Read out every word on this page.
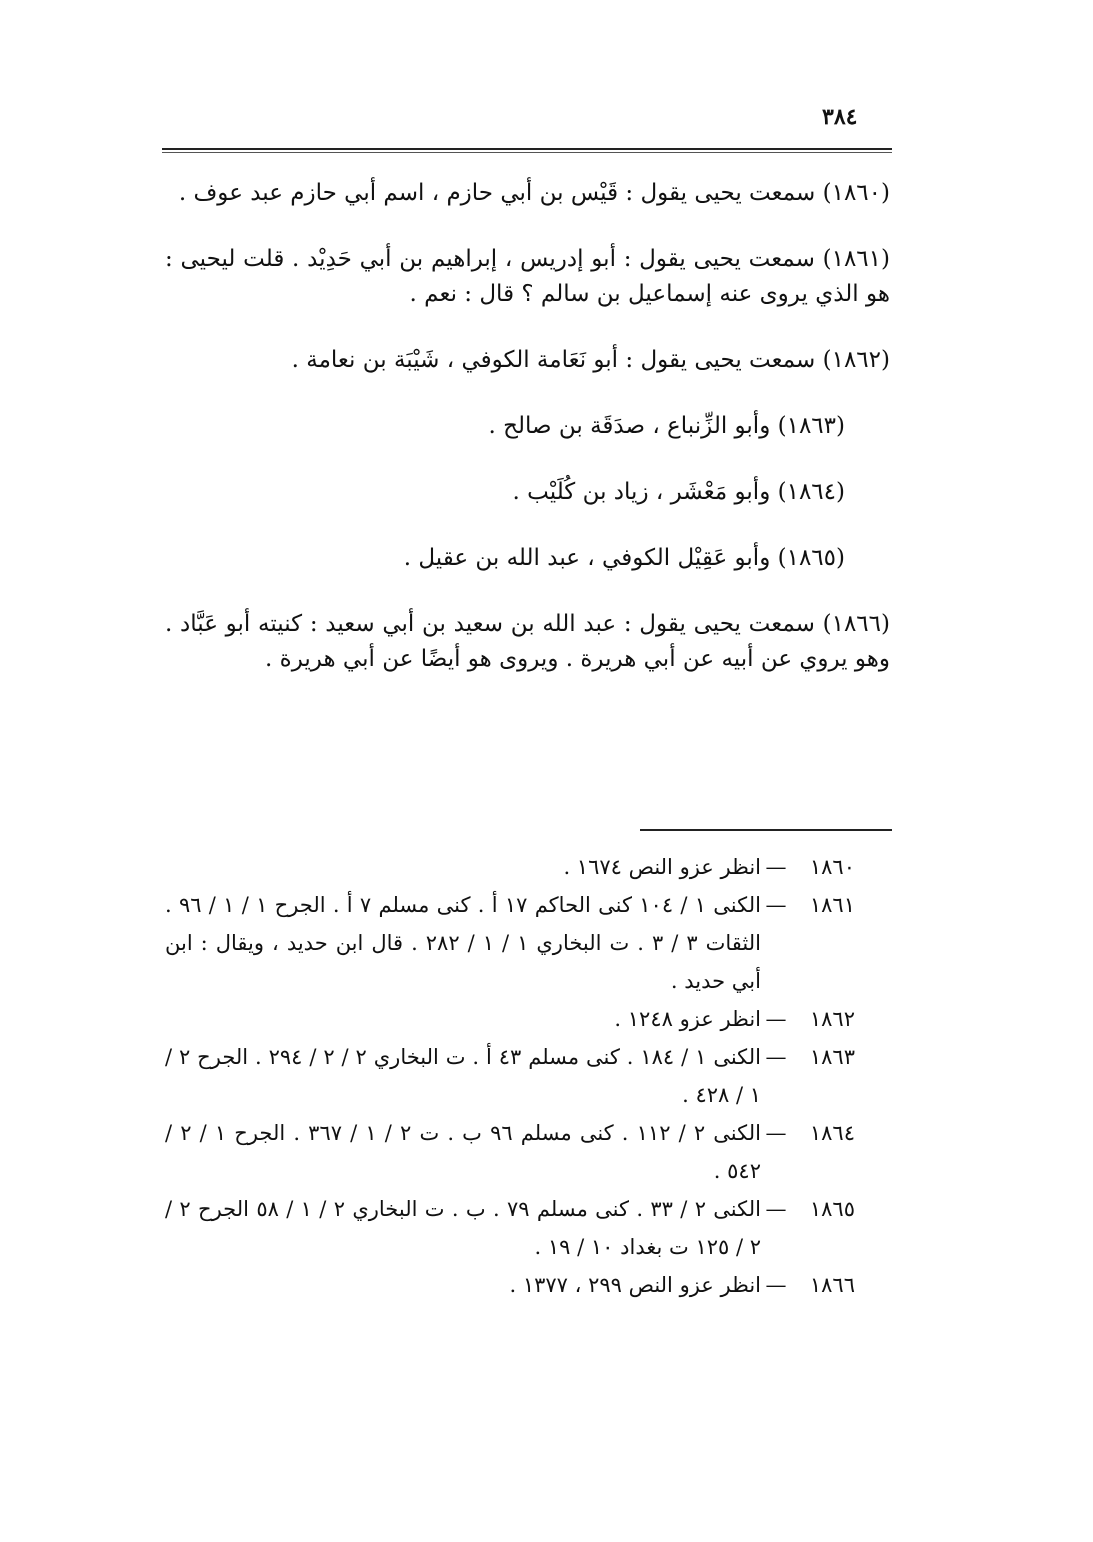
٣٨٤

(١٨٦٠) سمعت يحيى يقول : قَيْس بن أبي حازم ، اسم أبي حازم عبد عوف .

(١٨٦١) سمعت يحيى يقول : أبو إدريس ، إبراهيم بن أبي حَدِيْد . قلت ليحيى : هو الذي يروى عنه إسماعيل بن سالم ؟ قال : نعم .

(١٨٦٢) سمعت يحيى يقول : أبو نَعَامة الكوفي ، شَيْبَة بن نعامة .

(١٨٦٣) وأبو الزِّنباع ، صدَقَة بن صالح .

(١٨٦٤) وأبو مَعْشَر ، زياد بن كُلَيْب .

(١٨٦٥) وأبو عَقِيْل الكوفي ، عبد الله بن عقيل .

(١٨٦٦) سمعت يحيى يقول : عبد الله بن سعيد بن أبي سعيد : كنيته أبو عَبَّاد . وهو يروي عن أبيه عن أبي هريرة . ويروى هو أيضًا عن أبي هريرة .

١٨٦٠
—
انظر عزو النص ١٦٧٤ .
١٨٦١
—
الكنى ١ / ١٠٤ كنى الحاكم ١٧ أ . كنى مسلم ٧ أ . الجرح ١ / ١ / ٩٦ . الثقات ٣ / ٣ . ت البخاري ١ / ١ / ٢٨٢ . قال ابن حديد ، ويقال : ابن أبي حديد .
١٨٦٢
—
انظر عزو ١٢٤٨ .
١٨٦٣
—
الكنى ١ / ١٨٤ . كنى مسلم ٤٣ أ . ت البخاري ٢ / ٢ / ٢٩٤ . الجرح ٢ / ١ / ٤٢٨ .
١٨٦٤
—
الكنى ٢ / ١١٢ . كنى مسلم ٩٦ ب . ت ٢ / ١ / ٣٦٧ . الجرح ١ / ٢ / ٥٤٢ .
١٨٦٥
—
الكنى ٢ / ٣٣ . كنى مسلم ٧٩ . ب . ت البخاري ٢ / ١ / ٥٨ الجرح ٢ / ٢ / ١٢٥ ت بغداد ١٠ / ١٩ .
١٨٦٦
—
انظر عزو النص ٢٩٩ ، ١٣٧٧ .
